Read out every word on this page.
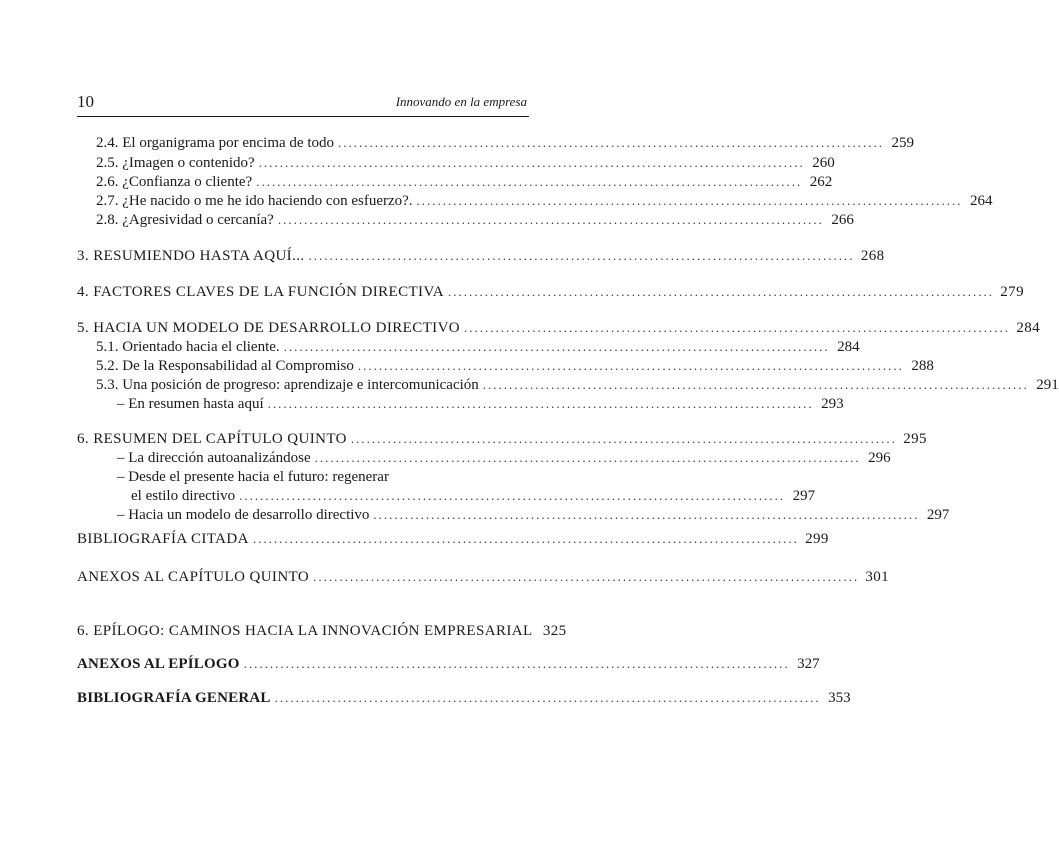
10	Innovando en la empresa
2.4. El organigrama por encima de todo ........................................................................................................ 259
2.5. ¿Imagen o contenido? ........................................................................................................ 260
2.6. ¿Confianza o cliente? ........................................................................................................ 262
2.7. ¿He nacido o me he ido haciendo con esfuerzo?. ........................................................................................................ 264
2.8. ¿Agresividad o cercanía? ........................................................................................................ 266
3. RESUMIENDO HASTA AQUÍ... ........................................................................................................ 268
4. FACTORES CLAVES DE LA FUNCIÓN DIRECTIVA ........................................................................................................ 279
5. HACIA UN MODELO DE DESARROLLO DIRECTIVO ........................................................................................................ 284
5.1. Orientado hacia el cliente. ........................................................................................................ 284
5.2. De la Responsabilidad al Compromiso ........................................................................................................ 288
5.3. Una posición de progreso: aprendizaje e intercomunicación ........................................................................................................ 291
– En resumen hasta aquí ........................................................................................................ 293
6. RESUMEN DEL CAPÍTULO QUINTO ........................................................................................................ 295
– La dirección autoanalizándose ........................................................................................................ 296
– Desde el presente hacia el futuro: regenerar
el estilo directivo ........................................................................................................ 297
– Hacia un modelo de desarrollo directivo ........................................................................................................ 297
BIBLIOGRAFÍA CITADA ........................................................................................................ 299
ANEXOS AL CAPÍTULO QUINTO ........................................................................................................ 301
6. EPÍLOGO: CAMINOS HACIA LA INNOVACIÓN EMPRESARIAL 325
ANEXOS AL EPÍLOGO ........................................................................................................ 327
BIBLIOGRAFÍA GENERAL ........................................................................................................ 353
